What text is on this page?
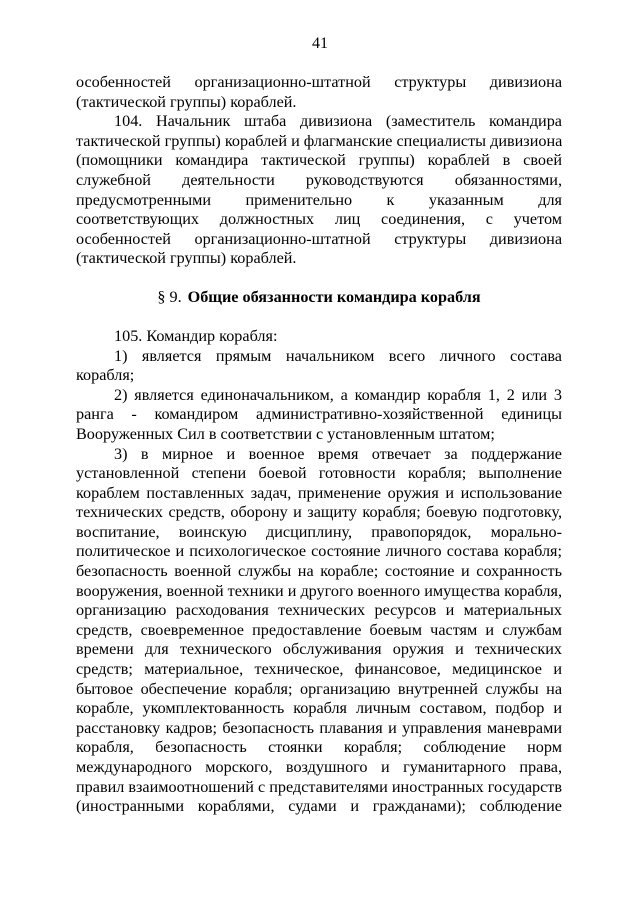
41
особенностей организационно-штатной структуры дивизиона
(тактической группы) кораблей.
104. Начальник штаба дивизиона (заместитель командира
тактической группы) кораблей и флагманские специалисты дивизиона
(помощники командира тактической группы) кораблей в своей
служебной деятельности руководствуются обязанностями,
предусмотренными применительно к указанным для
соответствующих должностных лиц соединения, с учетом
особенностей организационно-штатной структуры дивизиона
(тактической группы) кораблей.
§ 9. Общие обязанности командира корабля
105. Командир корабля:
1) является прямым начальником всего личного состава
корабля;
2) является единоначальником, а командир корабля 1, 2 или 3
ранга - командиром административно-хозяйственной единицы
Вооруженных Сил в соответствии с установленным штатом;
3) в мирное и военное время отвечает за поддержание
установленной степени боевой готовности корабля; выполнение
кораблем поставленных задач, применение оружия и использование
технических средств, оборону и защиту корабля; боевую подготовку,
воспитание, воинскую дисциплину, правопорядок, морально-
политическое и психологическое состояние личного состава корабля;
безопасность военной службы на корабле; состояние и сохранность
вооружения, военной техники и другого военного имущества корабля,
организацию расходования технических ресурсов и материальных
средств, своевременное предоставление боевым частям и службам
времени для технического обслуживания оружия и технических
средств; материальное, техническое, финансовое, медицинское и
бытовое обеспечение корабля; организацию внутренней службы на
корабле, укомплектованность корабля личным составом, подбор и
расстановку кадров; безопасность плавания и управления маневрами
корабля, безопасность стоянки корабля; соблюдение норм
международного морского, воздушного и гуманитарного права,
правил взаимоотношений с представителями иностранных государств
(иностранными кораблями, судами и гражданами); соблюдение
